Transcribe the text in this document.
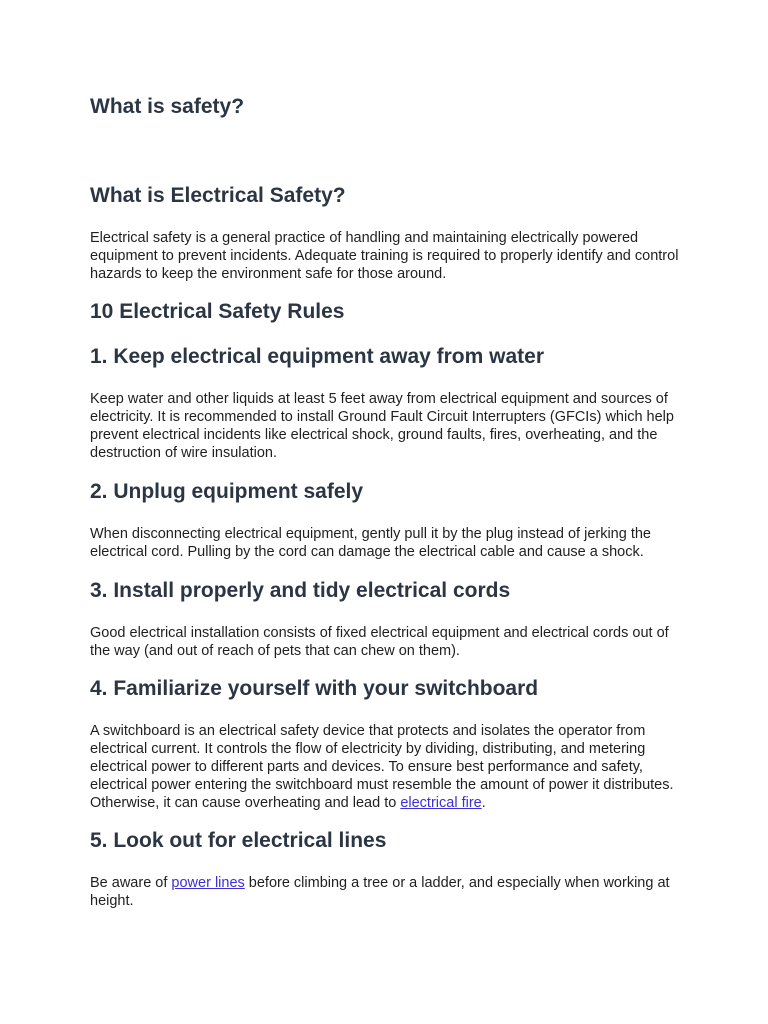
What is safety?
What is Electrical Safety?

Electrical safety is a general practice of handling and maintaining electrically powered equipment to prevent incidents. Adequate training is required to properly identify and control hazards to keep the environment safe for those around.

10 Electrical Safety Rules
1. Keep electrical equipment away from water

Keep water and other liquids at least 5 feet away from electrical equipment and sources of electricity. It is recommended to install Ground Fault Circuit Interrupters (GFCIs) which help prevent electrical incidents like electrical shock, ground faults, fires, overheating, and the destruction of wire insulation.

2. Unplug equipment safely

When disconnecting electrical equipment, gently pull it by the plug instead of jerking the electrical cord. Pulling by the cord can damage the electrical cable and cause a shock.

3. Install properly and tidy electrical cords

Good electrical installation consists of fixed electrical equipment and electrical cords out of the way (and out of reach of pets that can chew on them).

4. Familiarize yourself with your switchboard

A switchboard is an electrical safety device that protects and isolates the operator from electrical current. It controls the flow of electricity by dividing, distributing, and metering electrical power to different parts and devices. To ensure best performance and safety, electrical power entering the switchboard must resemble the amount of power it distributes. Otherwise, it can cause overheating and lead to electrical fire.

5. Look out for electrical lines

Be aware of power lines before climbing a tree or a ladder, and especially when working at height.
